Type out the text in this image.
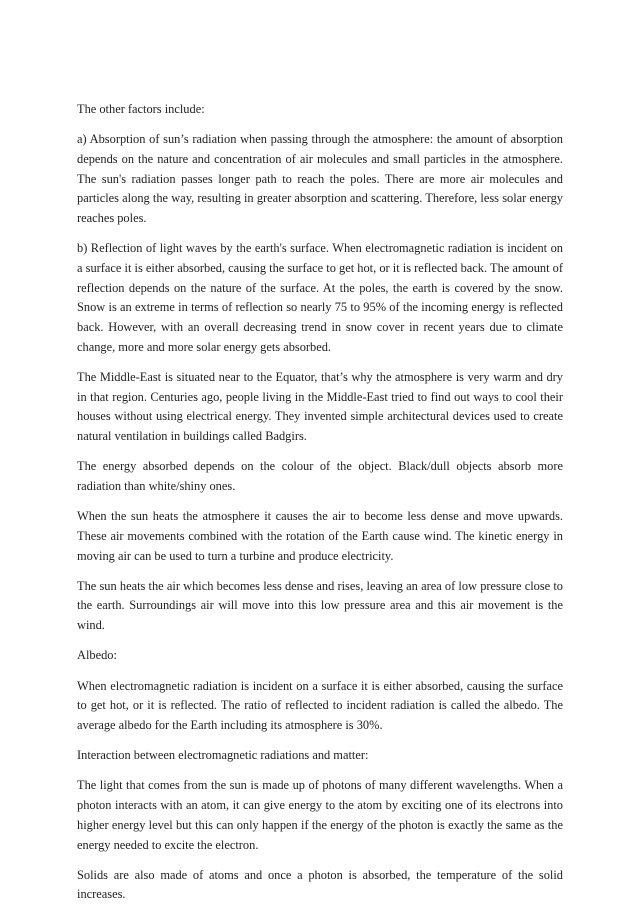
The other factors include:

a) Absorption of sun’s radiation when passing through the atmosphere: the amount of absorption depends on the nature and concentration of air molecules and small particles in the atmosphere. The sun's radiation passes longer path to reach the poles. There are more air molecules and particles along the way, resulting in greater absorption and scattering. Therefore, less solar energy reaches poles.

b) Reflection of light waves by the earth's surface. When electromagnetic radiation is incident on a surface it is either absorbed, causing the surface to get hot, or it is reflected back. The amount of reflection depends on the nature of the surface. At the poles, the earth is covered by the snow. Snow is an extreme in terms of reflection so nearly 75 to 95% of the incoming energy is reflected back. However, with an overall decreasing trend in snow cover in recent years due to climate change, more and more solar energy gets absorbed.

The Middle-East is situated near to the Equator, that’s why the atmosphere is very warm and dry in that region. Centuries ago, people living in the Middle-East tried to find out ways to cool their houses without using electrical energy. They invented simple architectural devices used to create natural ventilation in buildings called Badgirs.

The energy absorbed depends on the colour of the object. Black/dull objects absorb more radiation than white/shiny ones.

When the sun heats the atmosphere it causes the air to become less dense and move upwards. These air movements combined with the rotation of the Earth cause wind. The kinetic energy in moving air can be used to turn a turbine and produce electricity.

The sun heats the air which becomes less dense and rises, leaving an area of low pressure close to the earth. Surroundings air will move into this low pressure area and this air movement is the wind.

Albedo:

When electromagnetic radiation is incident on a surface it is either absorbed, causing the surface to get hot, or it is reflected. The ratio of reflected to incident radiation is called the albedo. The average albedo for the Earth including its atmosphere is 30%.

Interaction between electromagnetic radiations and matter:

The light that comes from the sun is made up of photons of many different wavelengths. When a photon interacts with an atom, it can give energy to the atom by exciting one of its electrons into higher energy level but this can only happen if the energy of the photon is exactly the same as the energy needed to excite the electron.

Solids are also made of atoms and once a photon is absorbed, the temperature of the solid increases.
